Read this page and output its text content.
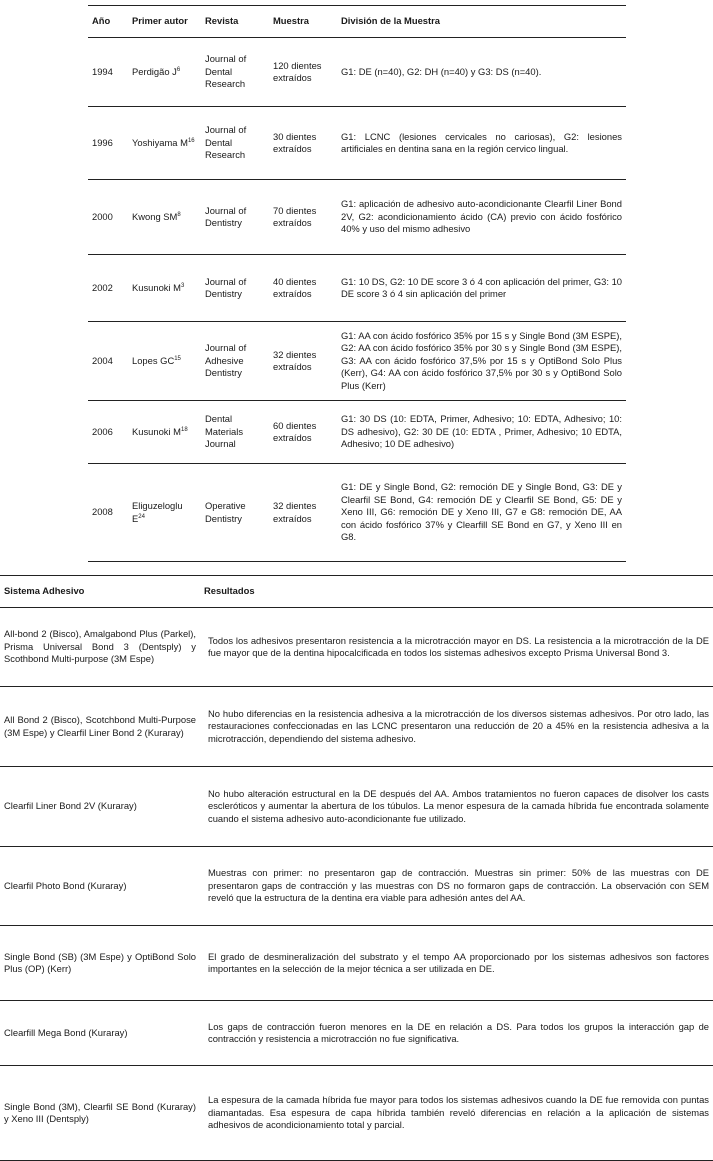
Año	Primer autor	Revista	Muestra	División de la Muestra
1994	Perdigão $J^6$	Journal of Dental Research	120 dientes extraídos	G1: DE (n=40), G2: DH (n=40) y G3: DS (n=40).
1996	Yoshiyama $M^{16}$	Journal of Dental Research	30 dientes extraídos	G1: LCNC (lesiones cervicales no cariosas), G2: lesiones artificiales en dentina sana en la región cervico lingual.
2000	Kwong $SM^8$	Journal of Dentistry	70 dientes extraídos	G1: aplicación de adhesivo auto-acondicionante Clearfil Liner Bond 2V, G2: acondicionamiento ácido (CA) previo con ácido fosfórico 40% y uso del mismo adhesivo
2002	Kusunoki $M^3$	Journal of Dentistry	40 dientes extraídos	G1: 10 DS, G2: 10 DE score 3 ó 4 con aplicación del primer, G3: 10 DE score 3 ó 4 sin aplicación del primer
2004	Lopes GC$^{15}$	Journal of Adhesive Dentistry	32 dientes extraídos	G1: AA con ácido fosfórico 35% por 15 s y Single Bond (3M ESPE), G2: AA con ácido fosfórico 35% por 30 s y Single Bond (3M ESPE), G3: AA con ácido fosfórico 37,5% por 15 s y OptiBond Solo Plus (Kerr), G4: AA con ácido fosfórico 37,5% por 30 s y OptiBond Solo Plus (Kerr)
2006	Kusunoki $M^{18}$	Dental Materials Journal	60 dientes extraídos	G1: 30 DS (10: EDTA, Primer, Adhesivo; 10: EDTA, Adhesivo; 10: DS adhesivo), G2: 30 DE (10: EDTA , Primer, Adhesivo; 10 EDTA, Adhesivo; 10 DE adhesivo)
2008	Eliguzeloglu $E^{24}$	Operative Dentistry	32 dientes extraídos	G1: DE y Single Bond, G2: remoción DE y Single Bond, G3: DE y Clearfil SE Bond, G4: remoción DE y Clearfil SE Bond, G5: DE y Xeno III, G6: remoción DE y Xeno III, G7 e G8: remoción DE, AA con ácido fosfórico 37% y Clearfill SE Bond en G7, y Xeno III en G8.
Sistema Adhesivo	Resultados
All-bond 2 (Bisco), Amalgabond Plus (Parkel), Prisma Universal Bond 3 (Dentsply) y Scothbond Multi-purpose (3M Espe)	Todos los adhesivos presentaron resistencia a la microtracción mayor en DS. La resistencia a la microtracción de la DE fue mayor que de la dentina hipocalcificada en todos los sistemas adhesivos excepto Prisma Universal Bond 3.
All Bond 2 (Bisco), Scotchbond Multi-Purpose (3M Espe) y Clearfil Liner Bond 2 (Kuraray)	No hubo diferencias en la resistencia adhesiva a la microtracción de los diversos sistemas adhesivos. Por otro lado, las restauraciones confeccionadas en las LCNC presentaron una reducción de 20 a 45% en la resistencia adhesiva a la microtracción, dependiendo del sistema adhesivo.
Clearfil Liner Bond 2V (Kuraray)	No hubo alteración estructural en la DE después del AA. Ambos tratamientos no fueron capaces de disolver los casts escleróticos y aumentar la abertura de los túbulos. La menor espesura de la camada híbrida fue encontrada solamente cuando el sistema adhesivo auto-acondicionante fue utilizado.
Clearfil Photo Bond (Kuraray)	Muestras con primer: no presentaron gap de contracción. Muestras sin primer: 50% de las muestras con DE presentaron gaps de contracción y las muestras con DS no formaron gaps de contracción. La observación con SEM reveló que la estructura de la dentina era viable para adhesión antes del AA.
Single Bond (SB) (3M Espe) y OptiBond Solo Plus (OP) (Kerr)	El grado de desmineralización del substrato y el tempo AA proporcionado por los sistemas adhesivos son factores importantes en la selección de la mejor técnica a ser utilizada en DE.
Clearfill Mega Bond (Kuraray)	Los gaps de contracción fueron menores en la DE en relación a DS. Para todos los grupos la interacción gap de contracción y resistencia a microtracción no fue significativa.
Single Bond (3M), Clearfil SE Bond (Kuraray) y Xeno III (Dentsply)	La espesura de la camada híbrida fue mayor para todos los sistemas adhesivos cuando la DE fue removida con puntas diamantadas. Esa espesura de capa híbrida también reveló diferencias en relación a la aplicación de sistemas adhesivos de acondicionamiento total y parcial.
